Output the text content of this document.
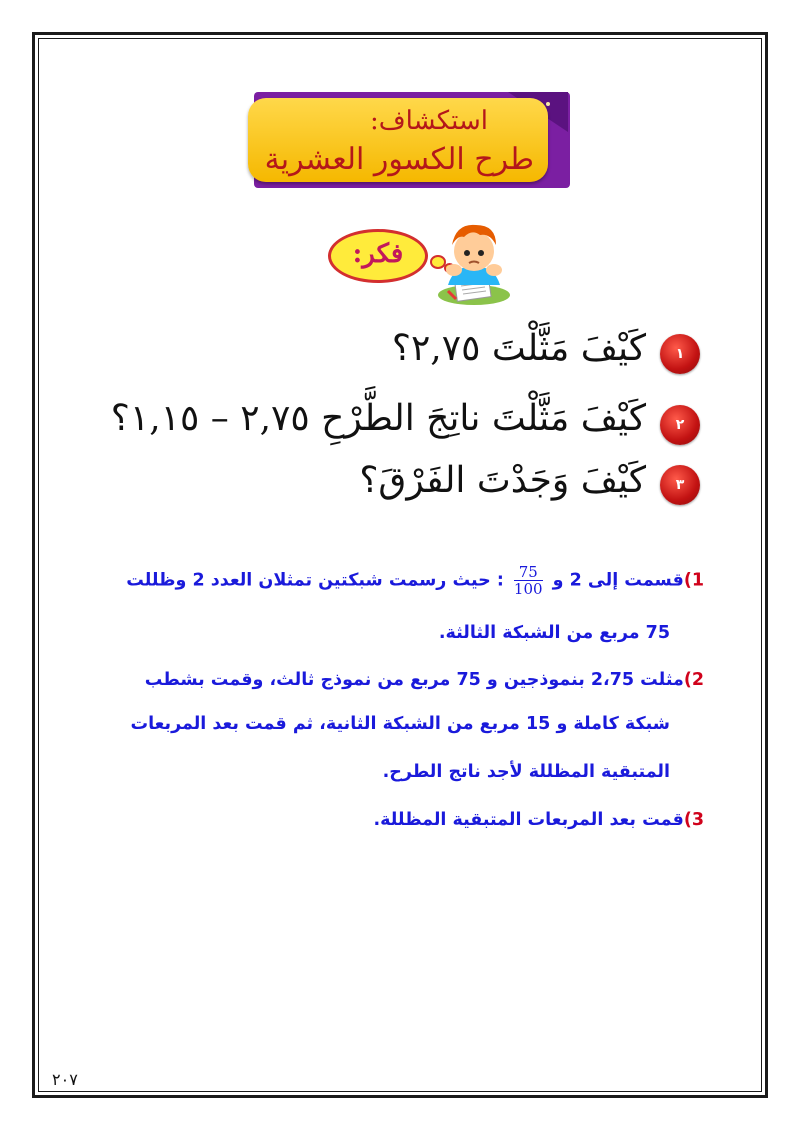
استكشاف:
طرح الكسور العشرية
فكر:
١
كَيْفَ مَثَّلْتَ ٢,٧٥؟
٢
كَيْفَ مَثَّلْتَ ناتِجَ الطَّرْحِ ٢,٧٥ – ١,١٥؟
٣
كَيْفَ وَجَدْتَ الفَرْقَ؟
1)قسمت إلى 2 و
$\frac{75}{100}$
: حيث رسمت شبكتين تمثلان العدد 2 وظللت
75 مربع من الشبكة الثالثة.
2)مثلت 2،75 بنموذجين و 75 مربع من نموذج ثالث، وقمت بشطب
شبكة كاملة و 15 مربع من الشبكة الثانية، ثم قمت بعد المربعات
المتبقية المظللة لأجد ناتج الطرح.
3)قمت بعد المربعات المتبقية المظللة.
٢٠٧
